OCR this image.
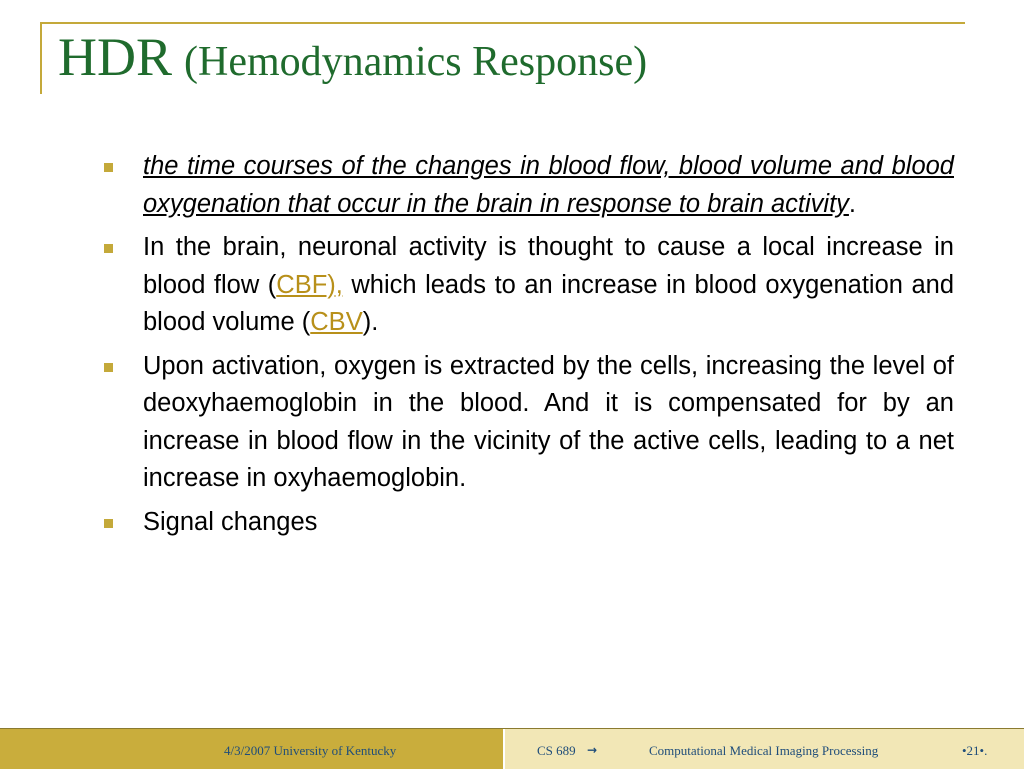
HDR (Hemodynamics Response)
the time courses of the changes in blood flow, blood volume and blood oxygenation that occur in the brain in response to brain activity.
In the brain, neuronal activity is thought to cause a local increase in blood flow (CBF), which leads to an increase in blood oxygenation and blood volume (CBV).
Upon activation, oxygen is extracted by the cells, increasing the level of deoxyhaemoglobin in the blood. And it is compensated for by an increase in blood flow in the vicinity of the active cells, leading to a net increase in oxyhaemoglobin.
Signal changes
4/3/2007 University of Kentucky	CS 689 →	Computational Medical Imaging Processing	•21•.
